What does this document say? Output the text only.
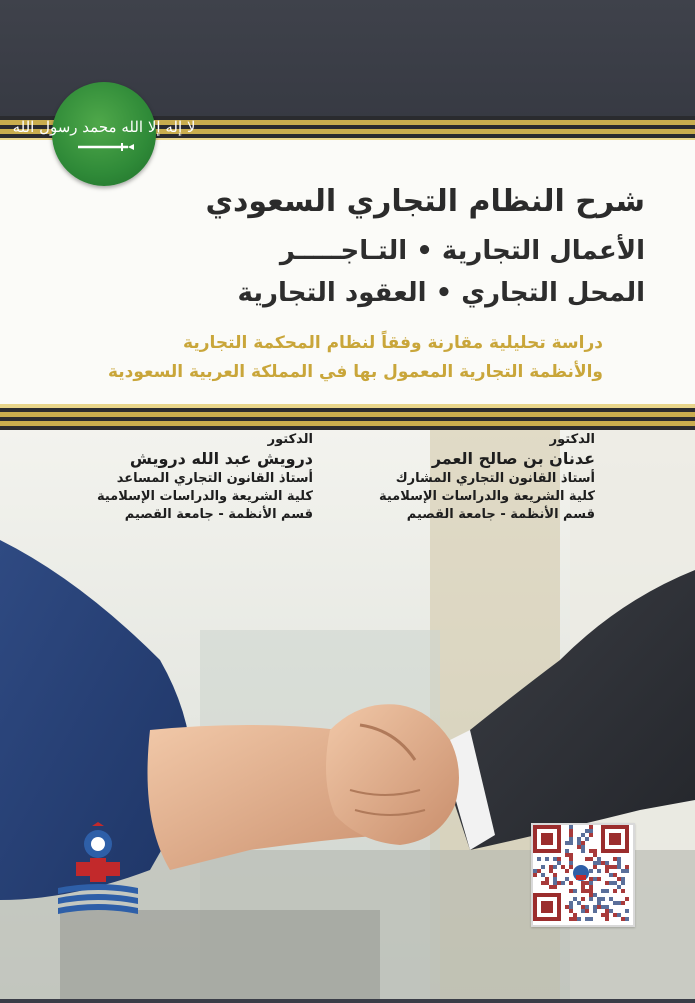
لا إله إلا الله محمد رسول الله
شرح النظام التجاري السعودي
الأعمال التجارية • التـاجـــــر
المحل التجاري • العقود التجارية
دراسة تحليلية مقارنة وفقاً لنظام المحكمة التجارية
والأنظمة التجارية المعمول بها في المملكة العربية السعودية
الدكتور
عدنان بن صالح العمر
أستاذ القانون التجاري المشارك
كلية الشريعة والدراسات الإسلامية
قسم الأنظمة - جامعة القصيم
الدكتور
درويش عبد الله درويش
أستاذ القانون التجاري المساعد
كلية الشريعة والدراسات الإسلامية
قسم الأنظمة - جامعة القصيم
